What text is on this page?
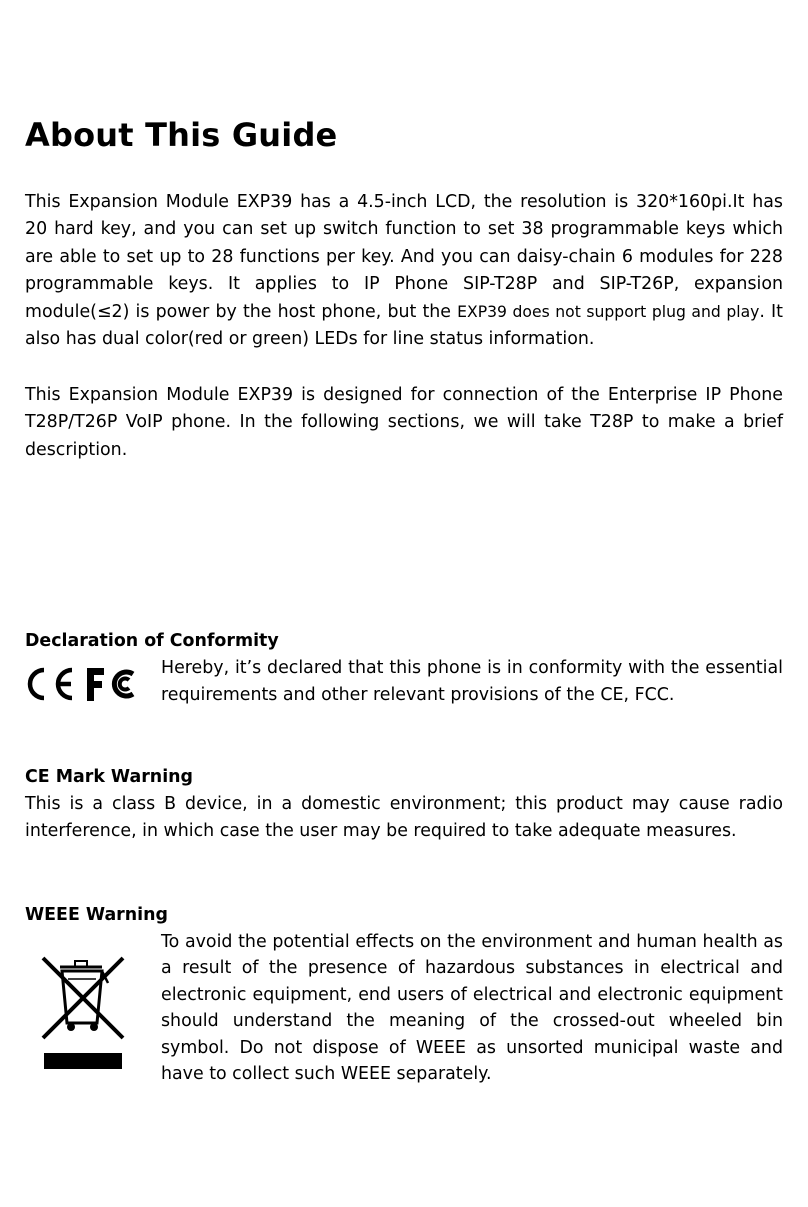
About This Guide

This Expansion Module EXP39 has a 4.5-inch LCD, the resolution is 320*160pi.It has 20 hard key, and you can set up switch function to set 38 programmable keys which are able to set up to 28 functions per key. And you can daisy-chain 6 modules for 228 programmable keys. It applies to IP Phone SIP-T28P and SIP-T26P, expansion module(≤2) is power by the host phone, but the EXP39 does not support plug and play. It also has dual color(red or green) LEDs for line status information.

This Expansion Module EXP39 is designed for connection of the Enterprise IP Phone T28P/T26P VoIP phone. In the following sections, we will take T28P to make a brief description.

Declaration of Conformity

Hereby, it’s declared that this phone is in conformity with the essential requirements and other relevant provisions of the CE, FCC.

CE Mark Warning

This is a class B device, in a domestic environment; this product may cause radio interference, in which case the user may be required to take adequate measures.

WEEE Warning

To avoid the potential effects on the environment and human health as a result of the presence of hazardous substances in electrical and electronic equipment, end users of electrical and electronic equipment should understand the meaning of the crossed-out wheeled bin symbol. Do not dispose of WEEE as unsorted municipal waste and have to collect such WEEE separately.
